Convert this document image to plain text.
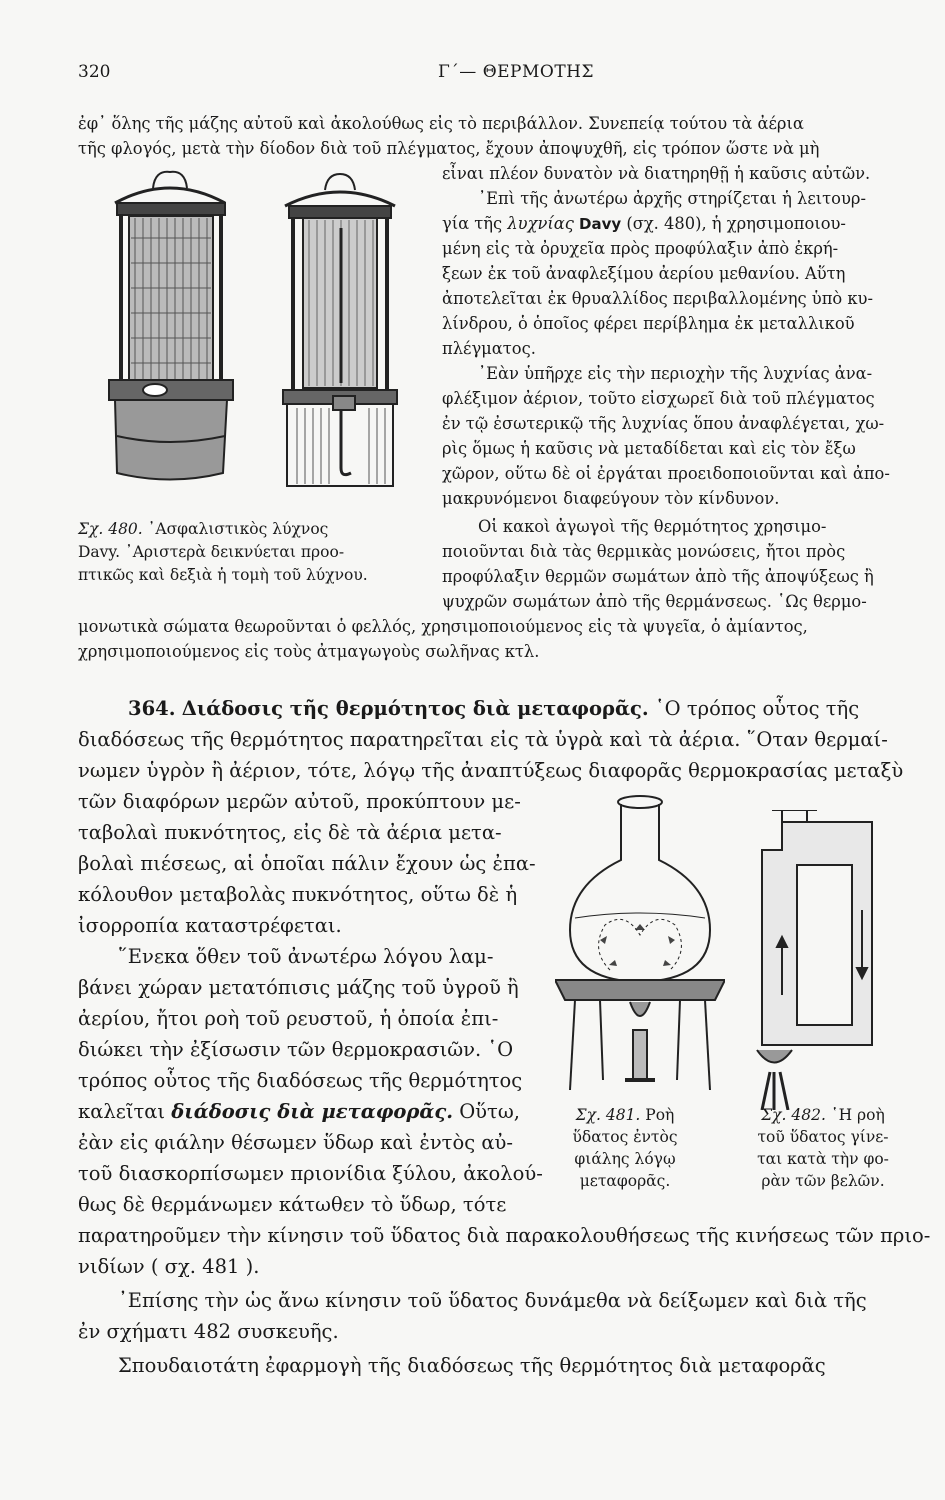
320	Γ΄— ΘΕΡΜΟΤΗΣ
ἐφ᾿ ὅλης τῆς μάζης αὐτοῦ καὶ ἀκολούθως εἰς τὸ περιβάλλον. Συνεπείᾳ τούτου τὰ ἀέρια
τῆς φλογός, μετὰ τὴν δίοδον διὰ τοῦ πλέγματος, ἔχουν ἀποψυχθῆ, εἰς τρόπον ὥστε νὰ μὴ
εἶναι πλέον δυνατὸν νὰ διατηρηθῇ ἡ καῦσις αὐτῶν.
᾿Επὶ τῆς ἀνωτέρω ἀρχῆς στηρίζεται ἡ λειτουρ-
γία τῆς λυχνίας Davy (σχ. 480), ἡ χρησιμοποιου-
μένη εἰς τὰ ὀρυχεῖα πρὸς προφύλαξιν ἀπὸ ἐκρή-
ξεων ἐκ τοῦ ἀναφλεξίμου ἀερίου μεθανίου. Αὕτη
ἀποτελεῖται ἐκ θρυαλλίδος περιβαλλομένης ὑπὸ κυ-
λίνδρου, ὁ ὁποῖος φέρει περίβλημα ἐκ μεταλλικοῦ
πλέγματος.
᾿Εὰν ὑπῆρχε εἰς τὴν περιοχὴν τῆς λυχνίας ἀνα-
φλέξιμον ἀέριον, τοῦτο εἰσχωρεῖ διὰ τοῦ πλέγματος
ἐν τῷ ἐσωτερικῷ τῆς λυχνίας ὅπου ἀναφλέγεται, χω-
ρὶς ὅμως ἡ καῦσις νὰ μεταδίδεται καὶ εἰς τὸν ἔξω
χῶρον, οὕτω δὲ οἱ ἐργάται προειδοποιοῦνται καὶ ἀπο-
μακρυνόμενοι διαφεύγουν τὸν κίνδυνον.
Οἱ κακοὶ ἀγωγοὶ τῆς θερμότητος χρησιμο-
ποιοῦνται διὰ τὰς θερμικὰς μονώσεις, ἤτοι πρὸς
προφύλαξιν θερμῶν σωμάτων ἀπὸ τῆς ἀποψύξεως ἢ
ψυχρῶν σωμάτων ἀπὸ τῆς θερμάνσεως. ῾Ως θερμο-
Σχ. 480. ᾿Ασφαλιστικὸς λύχνος
Davy. ᾿Αριστερὰ δεικνύεται προο-
πτικῶς καὶ δεξιὰ ἡ τομὴ τοῦ λύχνου.
μονωτικὰ σώματα θεωροῦνται ὁ φελλός, χρησιμοποιούμενος εἰς τὰ ψυγεῖα, ὁ ἀμίαντος,
χρησιμοποιούμενος εἰς τοὺς ἀτμαγωγοὺς σωλῆνας κτλ.
364. Διάδοσις τῆς θερμότητος διὰ μεταφορᾶς. ῾Ο τρόπος οὗτος τῆς
διαδόσεως τῆς θερμότητος παρατηρεῖται εἰς τὰ ὑγρὰ καὶ τὰ ἀέρια. ῞Οταν θερμαί-
νωμεν ὑγρὸν ἢ ἀέριον, τότε, λόγῳ τῆς ἀναπτύξεως διαφορᾶς θερμοκρασίας μεταξὺ
τῶν διαφόρων μερῶν αὐτοῦ, προκύπτουν με-
ταβολαὶ πυκνότητος, εἰς δὲ τὰ ἀέρια μετα-
βολαὶ πιέσεως, αἱ ὁποῖαι πάλιν ἔχουν ὡς ἐπα-
κόλουθον μεταβολὰς πυκνότητος, οὕτω δὲ ἡ
ἰσορροπία καταστρέφεται.
῞Ενεκα ὅθεν τοῦ ἀνωτέρω λόγου λαμ-
βάνει χώραν μετατόπισις μάζης τοῦ ὑγροῦ ἢ
ἀερίου, ἤτοι ροὴ τοῦ ρευστοῦ, ἡ ὁποία ἐπι-
διώκει τὴν ἐξίσωσιν τῶν θερμοκρασιῶν. ῾Ο
τρόπος οὗτος τῆς διαδόσεως τῆς θερμότητος
καλεῖται διάδοσις διὰ μεταφορᾶς. Οὕτω,
ἐὰν εἰς φιάλην θέσωμεν ὕδωρ καὶ ἐντὸς αὐ-
τοῦ διασκορπίσωμεν πριονίδια ξύλου, ἀκολού-
θως δὲ θερμάνωμεν κάτωθεν τὸ ὕδωρ, τότε
Σχ. 481. Ροὴ
ὕδατος ἐντὸς
φιάλης λόγῳ
μεταφορᾶς.
Σχ. 482. ῾Η ροὴ
τοῦ ὕδατος γίνε-
ται κατὰ τὴν φο-
ρὰν τῶν βελῶν.
παρατηροῦμεν τὴν κίνησιν τοῦ ὕδατος διὰ παρακολουθήσεως τῆς κινήσεως τῶν πριο-
νιδίων ( σχ. 481 ).
᾿Επίσης τὴν ὡς ἄνω κίνησιν τοῦ ὕδατος δυνάμεθα νὰ δείξωμεν καὶ διὰ τῆς
ἐν σχήματι 482 συσκευῆς.
Σπουδαιοτάτη ἐφαρμογὴ τῆς διαδόσεως τῆς θερμότητος διὰ μεταφορᾶς
